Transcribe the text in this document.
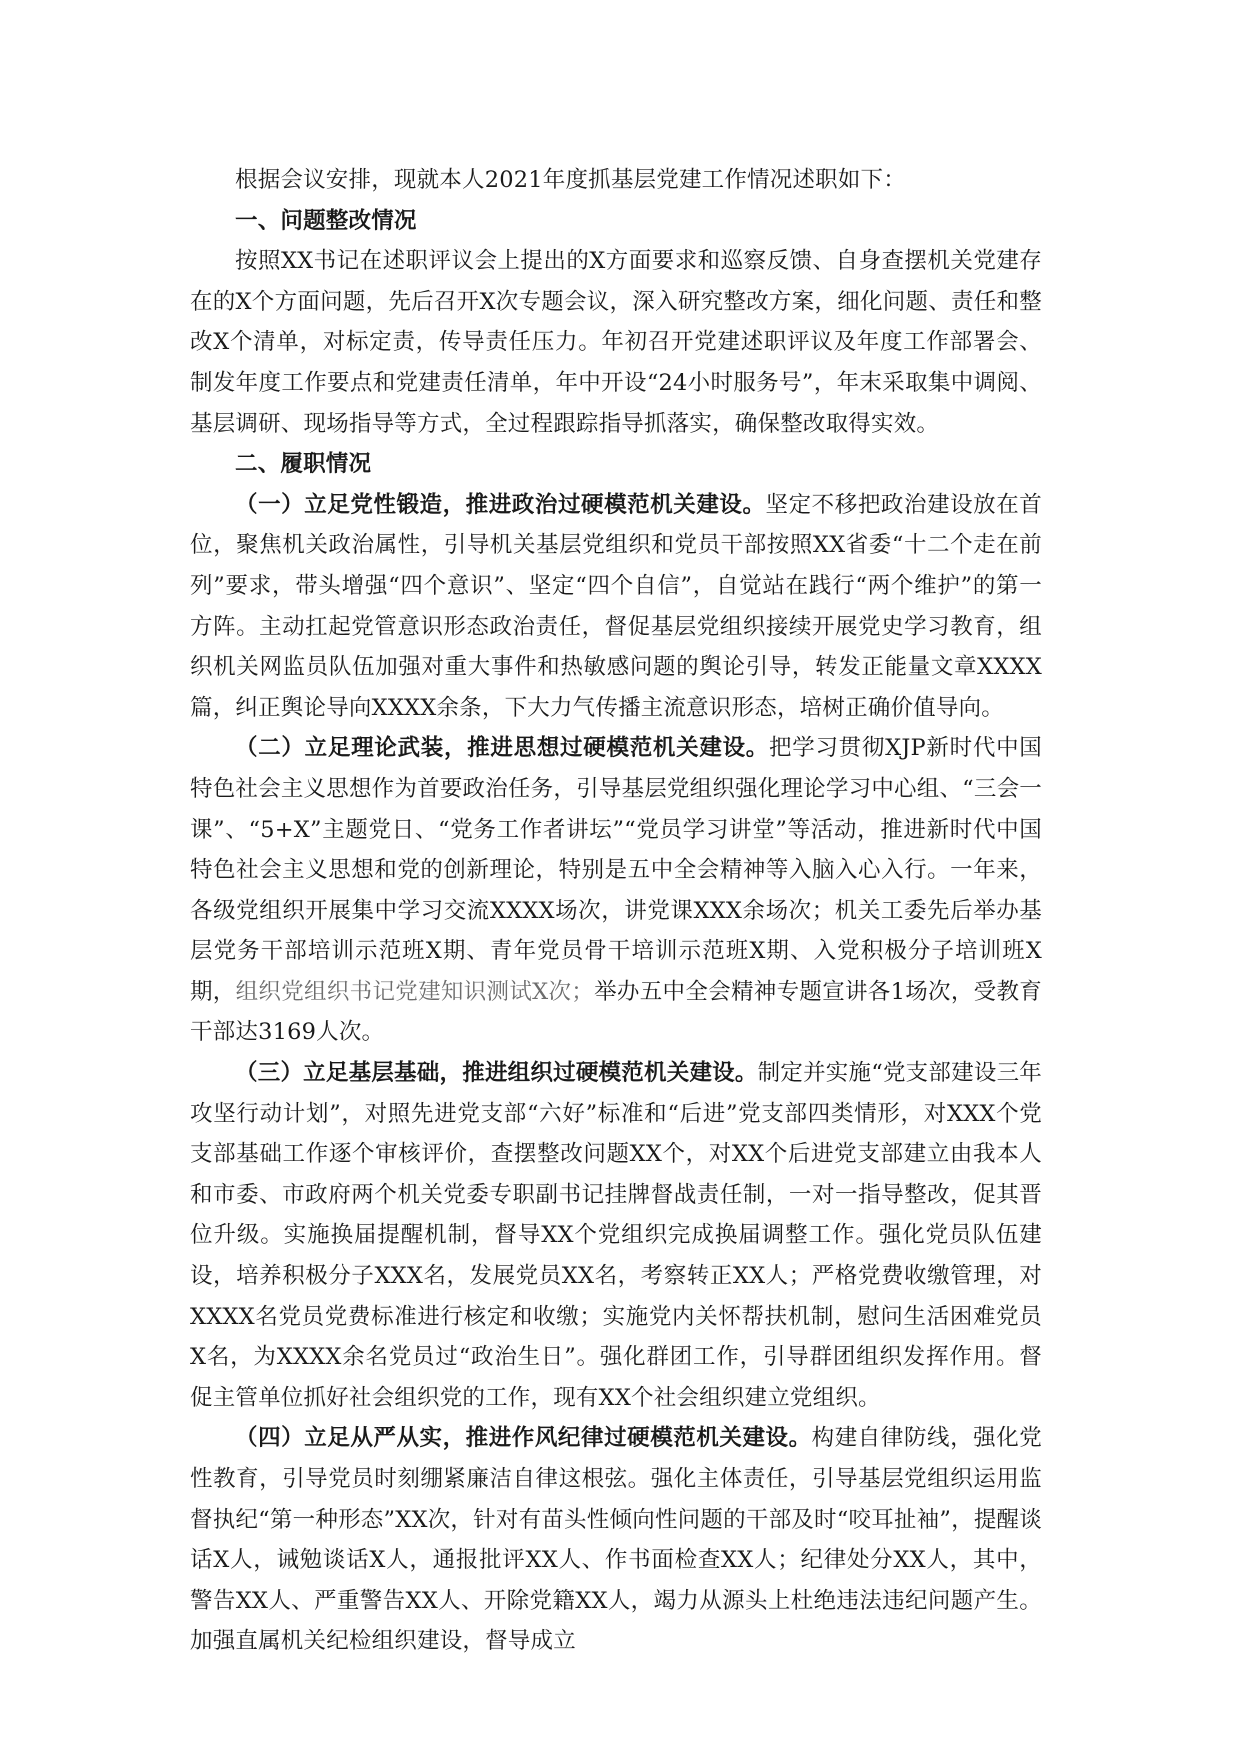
根据会议安排，现就本人2021年度抓基层党建工作情况述职如下：

一、问题整改情况

按照XX书记在述职评议会上提出的X方面要求和巡察反馈、自身查摆机关党建存在的X个方面问题，先后召开X次专题会议，深入研究整改方案，细化问题、责任和整改X个清单，对标定责，传导责任压力。年初召开党建述职评议及年度工作部署会、制发年度工作要点和党建责任清单，年中开设“24小时服务号”，年末采取集中调阅、基层调研、现场指导等方式，全过程跟踪指导抓落实，确保整改取得实效。

二、履职情况

（一）立足党性锻造，推进政治过硬模范机关建设。坚定不移把政治建设放在首位，聚焦机关政治属性，引导机关基层党组织和党员干部按照XX省委“十二个走在前列”要求，带头增强“四个意识”、坚定“四个自信”，自觉站在践行“两个维护”的第一方阵。主动扛起党管意识形态政治责任，督促基层党组织接续开展党史学习教育，组织机关网监员队伍加强对重大事件和热敏感问题的舆论引导，转发正能量文章XXXX篇，纠正舆论导向XXXX余条，下大力气传播主流意识形态，培树正确价值导向。

（二）立足理论武装，推进思想过硬模范机关建设。把学习贯彻XJP新时代中国特色社会主义思想作为首要政治任务，引导基层党组织强化理论学习中心组、“三会一课”、“5+X”主题党日、“党务工作者讲坛”“党员学习讲堂”等活动，推进新时代中国特色社会主义思想和党的创新理论，特别是五中全会精神等入脑入心入行。一年来，各级党组织开展集中学习交流XXXX场次，讲党课XXX余场次；机关工委先后举办基层党务干部培训示范班X期、青年党员骨干培训示范班X期、入党积极分子培训班X期，组织党组织书记党建知识测试X次；举办五中全会精神专题宣讲各1场次，受教育干部达3169人次。

（三）立足基层基础，推进组织过硬模范机关建设。制定并实施“党支部建设三年攻坚行动计划”，对照先进党支部“六好”标准和“后进”党支部四类情形，对XXX个党支部基础工作逐个审核评价，查摆整改问题XX个，对XX个后进党支部建立由我本人和市委、市政府两个机关党委专职副书记挂牌督战责任制，一对一指导整改，促其晋位升级。实施换届提醒机制，督导XX个党组织完成换届调整工作。强化党员队伍建设，培养积极分子XXX名，发展党员XX名，考察转正XX人；严格党费收缴管理，对XXXX名党员党费标准进行核定和收缴；实施党内关怀帮扶机制，慰问生活困难党员X名，为XXXX余名党员过“政治生日”。强化群团工作，引导群团组织发挥作用。督促主管单位抓好社会组织党的工作，现有XX个社会组织建立党组织。

（四）立足从严从实，推进作风纪律过硬模范机关建设。构建自律防线，强化党性教育，引导党员时刻绷紧廉洁自律这根弦。强化主体责任，引导基层党组织运用监督执纪“第一种形态”XX次，针对有苗头性倾向性问题的干部及时“咬耳扯袖”，提醒谈话X人，诫勉谈话X人，通报批评XX人、作书面检查XX人；纪律处分XX人，其中，警告XX人、严重警告XX人、开除党籍XX人，竭力从源头上杜绝违法违纪问题产生。加强直属机关纪检组织建设，督导成立
